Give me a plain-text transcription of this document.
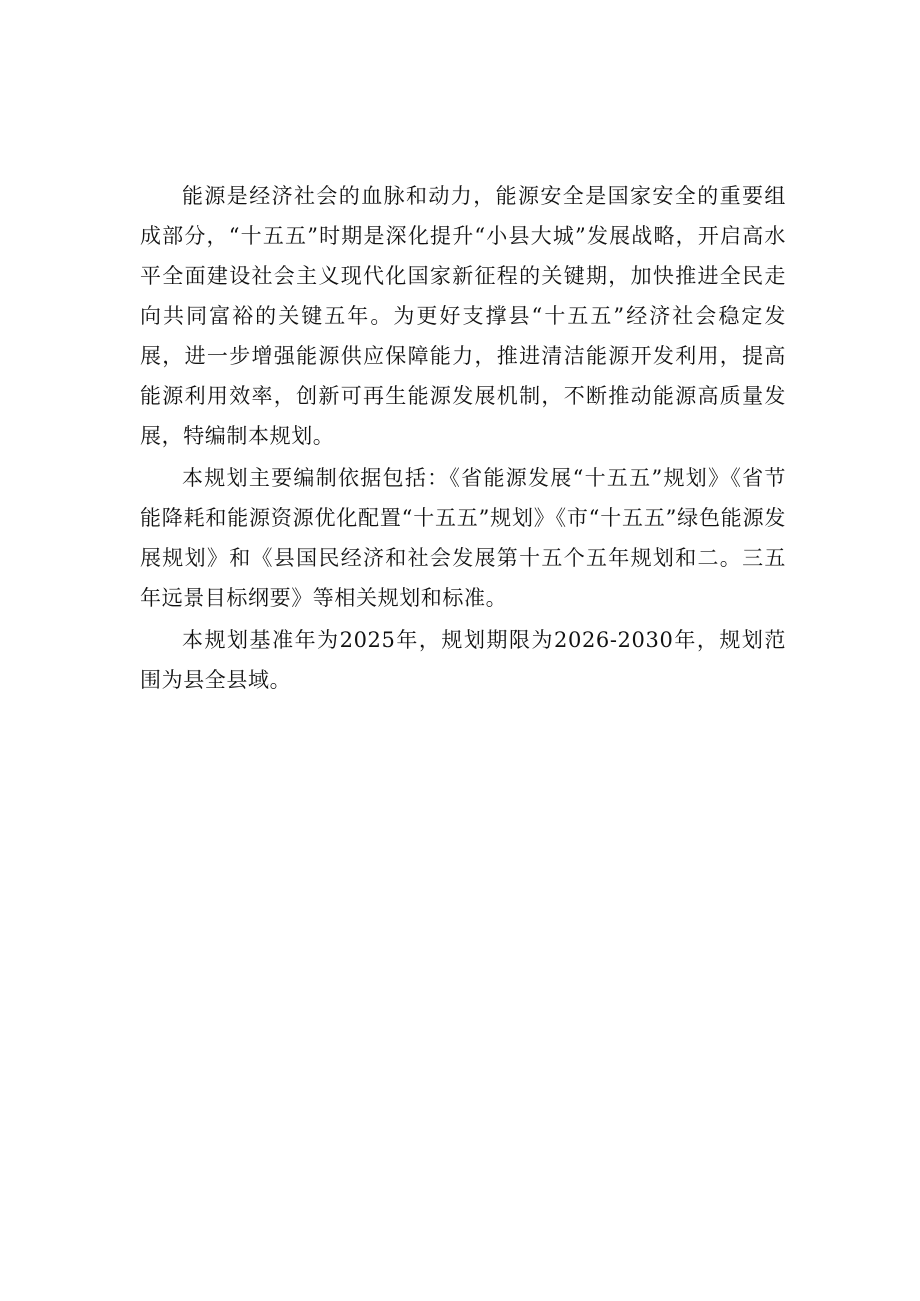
能源是经济社会的血脉和动力，能源安全是国家安全的重要组成部分，“十五五”时期是深化提升“小县大城”发展战略，开启高水平全面建设社会主义现代化国家新征程的关键期，加快推进全民走向共同富裕的关键五年。为更好支撑县“十五五”经济社会稳定发展，进一步增强能源供应保障能力，推进清洁能源开发利用，提高能源利用效率，创新可再生能源发展机制，不断推动能源高质量发展，特编制本规划。

本规划主要编制依据包括：《省能源发展“十五五”规划》《省节能降耗和能源资源优化配置“十五五”规划》《市“十五五”绿色能源发展规划》和《县国民经济和社会发展第十五个五年规划和二。三五年远景目标纲要》等相关规划和标准。

本规划基准年为2025年，规划期限为2026-2030年，规划范围为县全县域。
